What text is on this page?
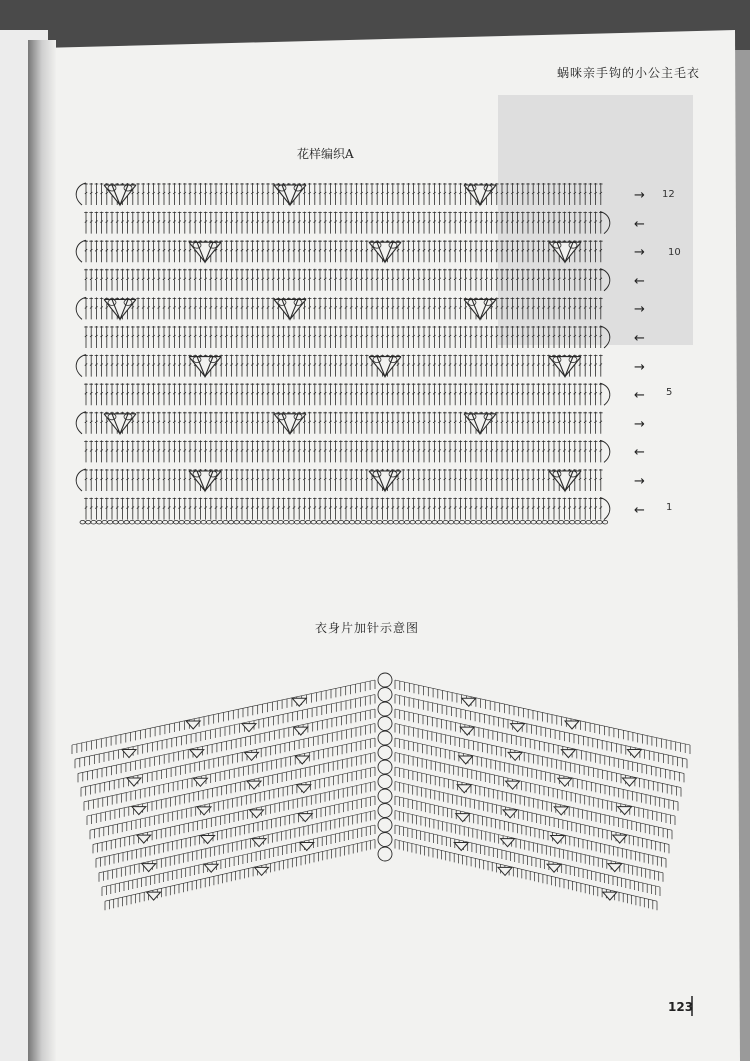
蜗咪亲手钩的小公主毛衣
花样编织A
衣身片加针示意图
12
10
5
1
→
←
→
←
→
←
→
←
→
←
→
←
123
